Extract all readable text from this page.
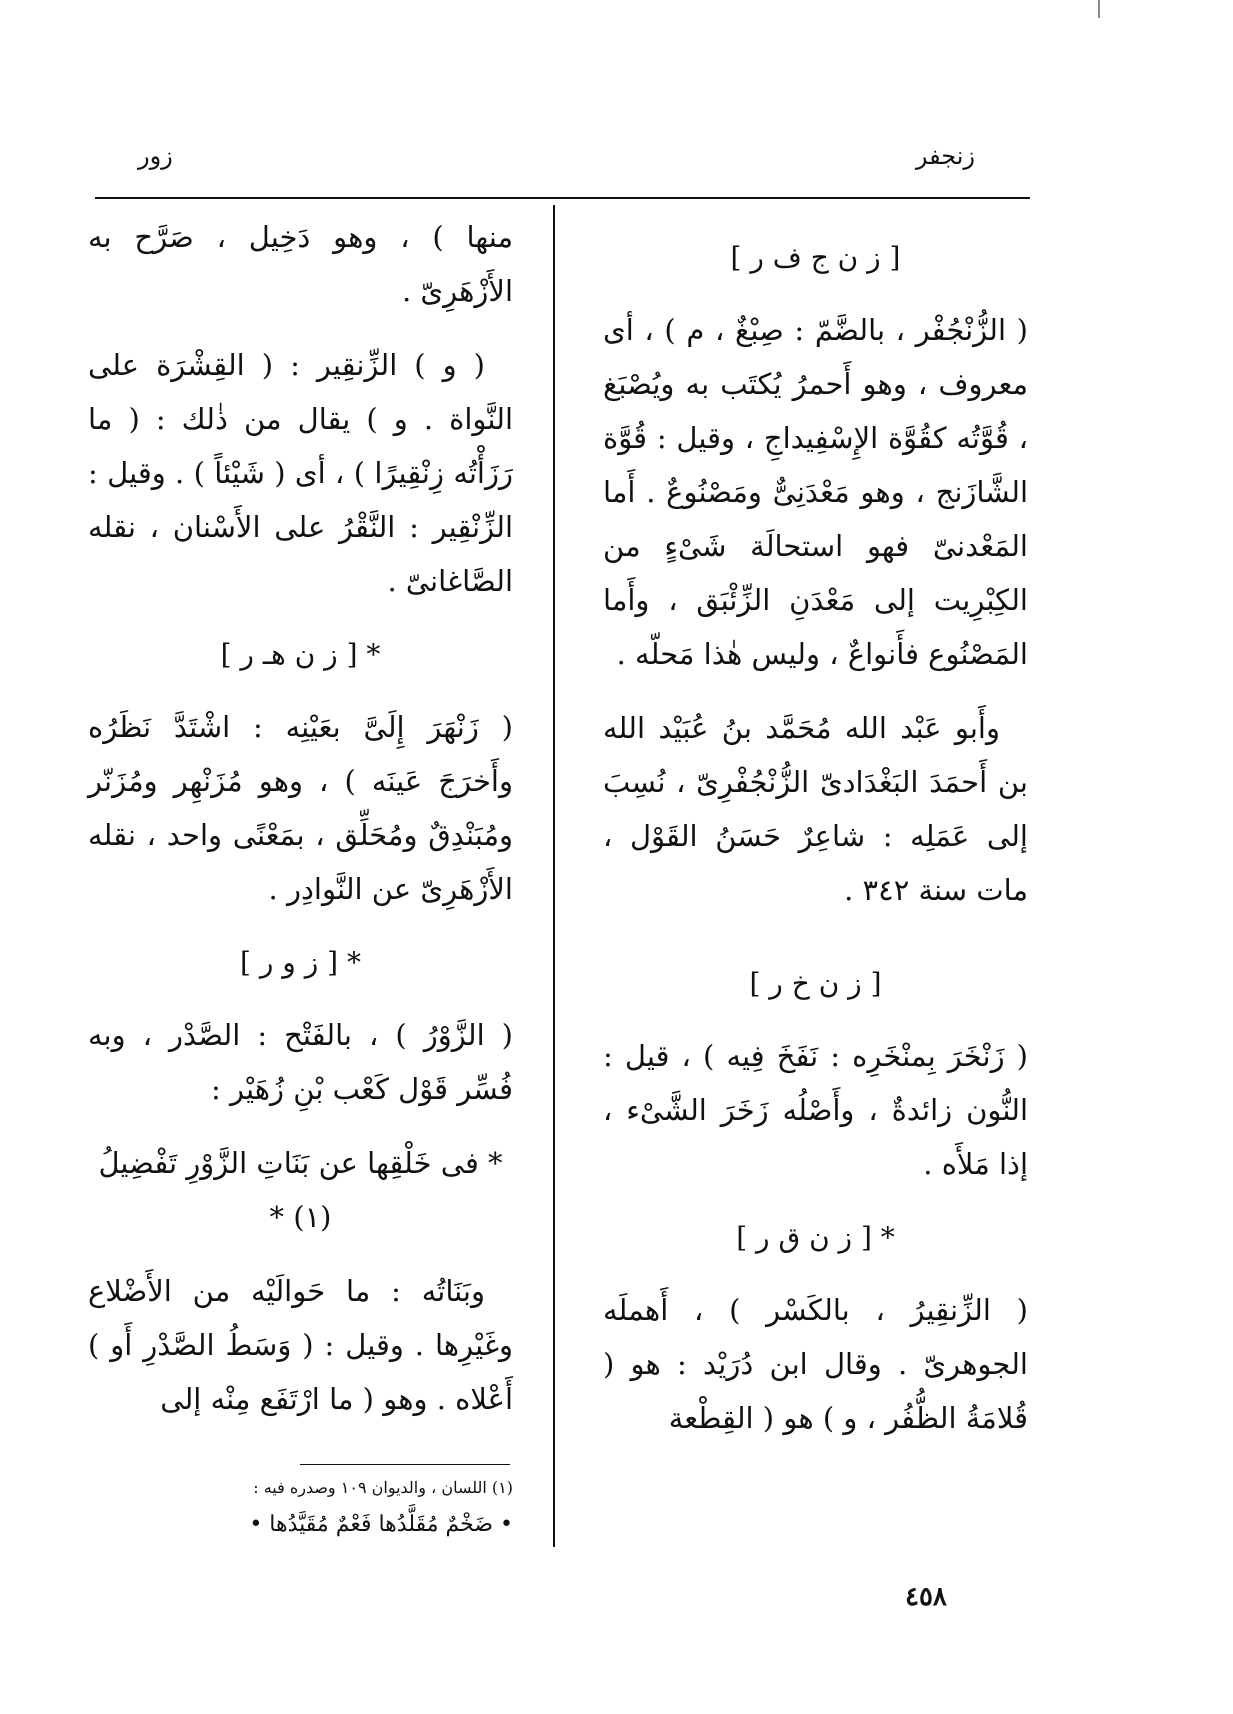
زنجفر
زور
[ ز ن ج ف ر ]

( الزُّنْجُفْر ، بالضَّمّ : صِبْغٌ ، م ) ، أى معروف ، وهو أَحمرُ يُكتَب به ويُصْبَغ ، قُوَّتُه كقُوَّة الإِسْفِيداجِ ، وقيل : قُوَّة الشَّازَنج ، وهو مَعْدَنِىٌّ ومَصْنُوعٌ . أَما المَعْدنىّ فهو استحالَة شَىْءٍ من الكِبْرِيت إلى مَعْدَنِ الزِّئْبَق ، وأَما المَصْنُوع فأَنواعٌ ، وليس هٰذا مَحلّه .

وأَبو عَبْد الله مُحَمَّد بنُ عُبَيْد الله بن أَحمَدَ البَغْدَادىّ الزُّنْجُفْرِىّ ، نُسِبَ إلى عَمَلِه : شاعِرٌ حَسَنُ القَوْل ، مات سنة ٣٤٢ .

[ ز ن خ ر ]

( زَنْخَرَ بِمنْخَرِه : نَفَخَ فِيه ) ، قيل : النُّون زائدةٌ ، وأَصْلُه زَخَرَ الشَّىْء ، إذا مَلأَه .

* [ ز ن ق ر ]

( الزِّنقِيرُ ، بالكَسْر ) ، أَهملَه الجوهرىّ . وقال ابن دُرَيْد : هو ( قُلامَةُ الظُّفُر ، و ) هو ( القِطْعة

منها ) ، وهو دَخِيل ، صَرَّح به الأَزْهَرِىّ .

( و ) الزِّنقِير : ( القِشْرَة على النَّواة . و ) يقال من ذٰلك : ( ما رَزَأْتُه زِنْقِيرًا ) ، أى ( شَيْئاً ) . وقيل : الزِّنْقِير : النَّقْرُ على الأَسْنان ، نقله الصَّاغانىّ .

* [ ز ن هـ ر ]

( زَنْهَرَ إِلَىَّ بعَيْنِه : اشْتَدَّ نَظَرُه وأَخرَجَ عَينَه ) ، وهو مُزَنْهِر ومُزَنّر ومُبَنْدِقٌ ومُحَلِّق ، بمَعْنًى واحد ، نقله الأَزْهَرِىّ عن النَّوادِر .

* [ ز و ر ]

( الزَّوْرُ ) ، بالفَتْح : الصَّدْر ، وبه فُسِّر قَوْل كَعْب بْنِ زُهَيْر :

* فى خَلْقِها عن بَنَاتِ الزَّوْرِ تَفْضِيلُ (١) *

وبَنَاتُه : ما حَوالَيْه من الأَضْلاع وغَيْرِها . وقيل : ( وَسَطُ الصَّدْرِ أَو ) أَعْلاه . وهو ( ما ارْتَفَع مِنْه إلى

(١) اللسان ، والديوان ١٠٩ وصدره فيه :
• ضَخْمٌ مُقَلَّدُها فَعْمٌ مُقَيَّدُها •
٤٥٨
